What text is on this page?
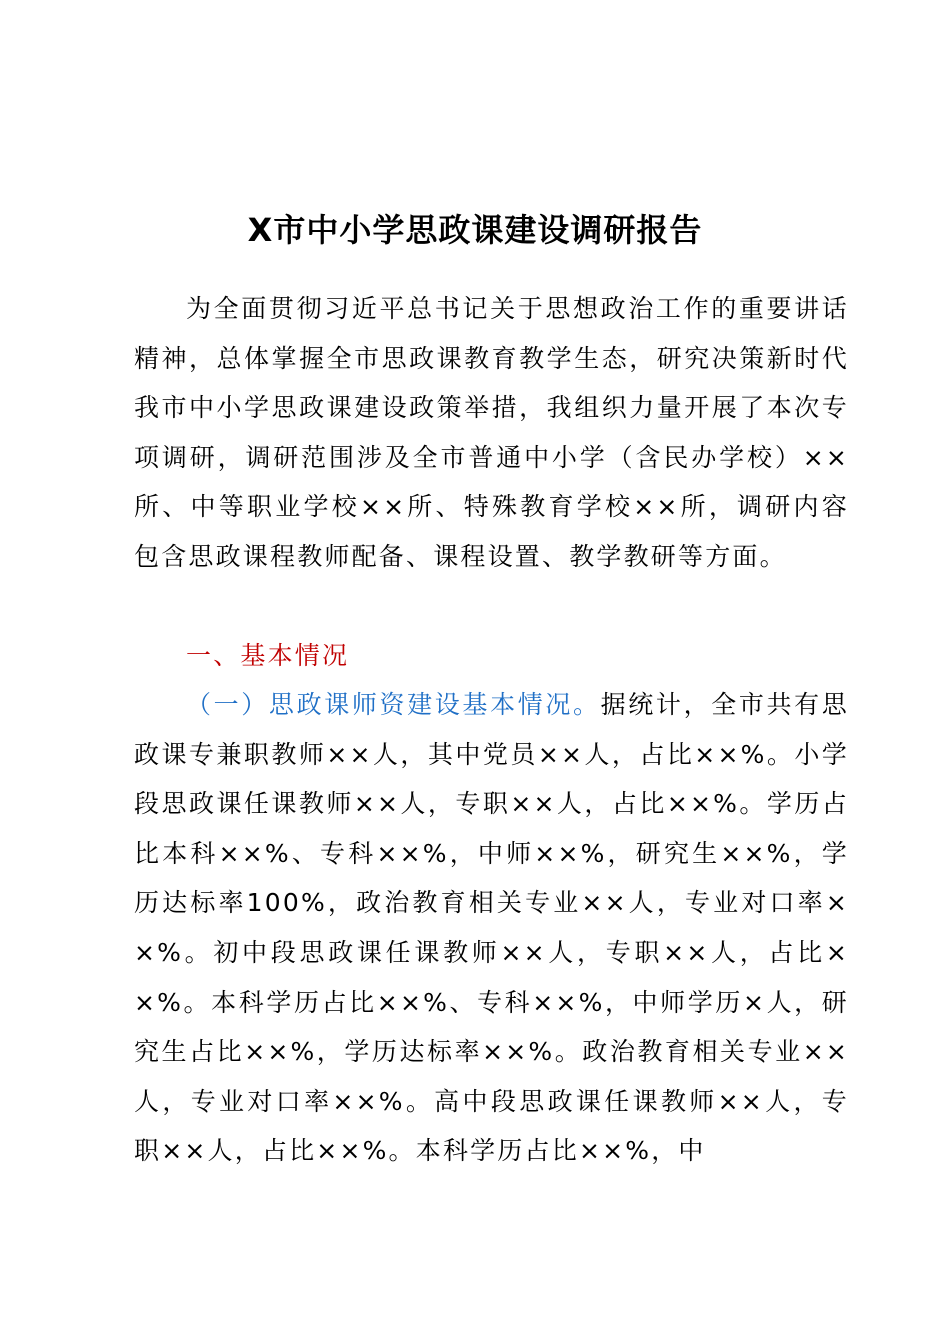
X市中小学思政课建设调研报告

为全面贯彻习近平总书记关于思想政治工作的重要讲话精神，总体掌握全市思政课教育教学生态，研究决策新时代我市中小学思政课建设政策举措，我组织力量开展了本次专项调研，调研范围涉及全市普通中小学（含民办学校）××所、中等职业学校××所、特殊教育学校××所，调研内容包含思政课程教师配备、课程设置、教学教研等方面。

一、基本情况

（一）思政课师资建设基本情况。据统计，全市共有思政课专兼职教师××人，其中党员××人，占比××%。小学段思政课任课教师××人，专职××人，占比××%。学历占比本科××%、专科××%，中师××%，研究生××%，学历达标率100%，政治教育相关专业××人，专业对口率××%。初中段思政课任课教师××人，专职××人，占比××%。本科学历占比××%、专科××%，中师学历×人，研究生占比××%，学历达标率××%。政治教育相关专业××人，专业对口率××%。高中段思政课任课教师××人，专职××人，占比××%。本科学历占比××%，中
